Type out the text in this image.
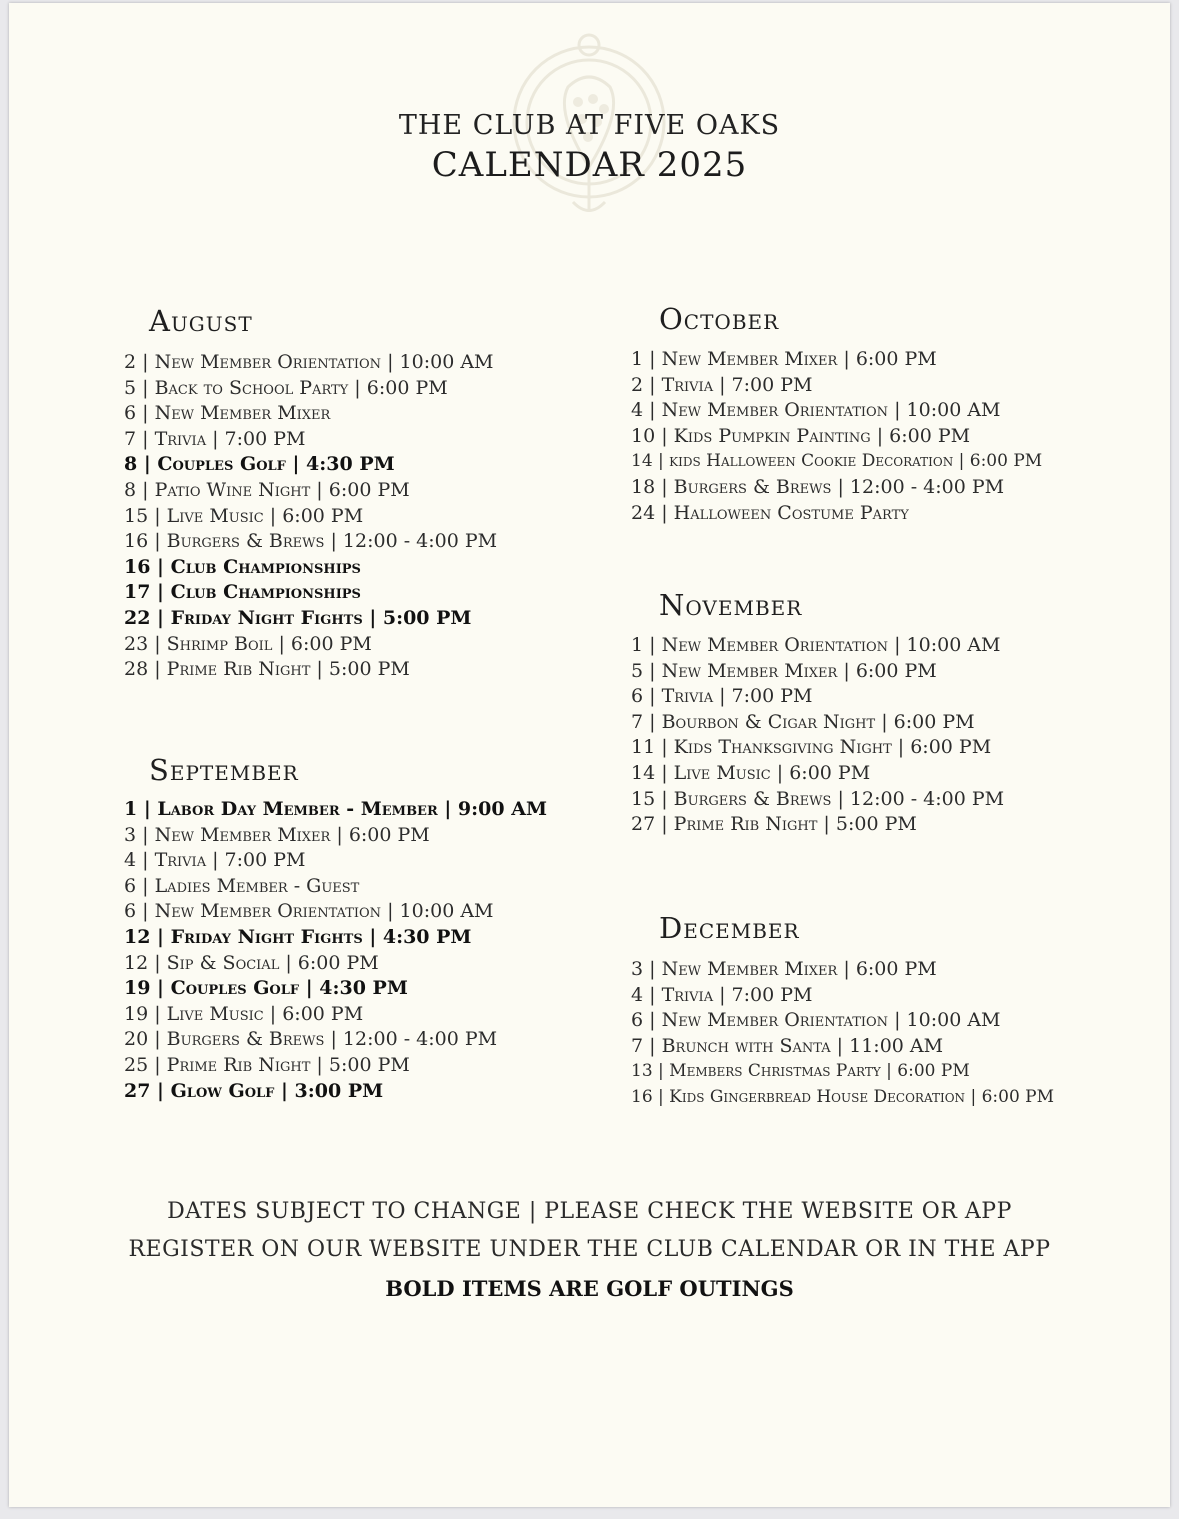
THE CLUB AT FIVE OAKS
CALENDAR 2025
August
2 | New Member Orientation | 10:00 AM
5 | Back to School Party | 6:00 PM
6 | New Member Mixer
7 | Trivia | 7:00 PM
8 | Couples Golf | 4:30 PM
8 | Patio Wine Night | 6:00 PM
15 | Live Music | 6:00 PM
16 | Burgers & Brews | 12:00 - 4:00 PM
16 | Club Championships
17 | Club Championships
22 | Friday Night Fights | 5:00 PM
23 | Shrimp Boil | 6:00 PM
28 | Prime Rib Night | 5:00 PM
September
1 | Labor Day Member - Member | 9:00 AM
3 | New Member Mixer | 6:00 PM
4 | Trivia | 7:00 PM
6 | Ladies Member - Guest
6 | New Member Orientation | 10:00 AM
12 | Friday Night Fights | 4:30 PM
12 | Sip & Social | 6:00 PM
19 | Couples Golf | 4:30 PM
19 | Live Music | 6:00 PM
20 | Burgers & Brews | 12:00 - 4:00 PM
25 | Prime Rib Night | 5:00 PM
27 | Glow Golf | 3:00 PM
October
1 | New Member Mixer | 6:00 PM
2 | Trivia | 7:00 PM
4 | New Member Orientation | 10:00 AM
10 | Kids Pumpkin Painting | 6:00 PM
14 | kids Halloween Cookie Decoration | 6:00 PM
18 | Burgers & Brews | 12:00 - 4:00 PM
24 | Halloween Costume Party
November
1 | New Member Orientation | 10:00 AM
5 | New Member Mixer | 6:00 PM
6 | Trivia | 7:00 PM
7 | Bourbon & Cigar Night | 6:00 PM
11 | Kids Thanksgiving Night | 6:00 PM
14 | Live Music | 6:00 PM
15 | Burgers & Brews | 12:00 - 4:00 PM
27 | Prime Rib Night | 5:00 PM
December
3 | New Member Mixer | 6:00 PM
4 | Trivia | 7:00 PM
6 | New Member Orientation | 10:00 AM
7 | Brunch with Santa | 11:00 AM
13 | Members Christmas Party | 6:00 PM
16 | Kids Gingerbread House Decoration | 6:00 PM
DATES SUBJECT TO CHANGE | PLEASE CHECK THE WEBSITE OR APP
REGISTER ON OUR WEBSITE UNDER THE CLUB CALENDAR OR IN THE APP
BOLD ITEMS ARE GOLF OUTINGS
